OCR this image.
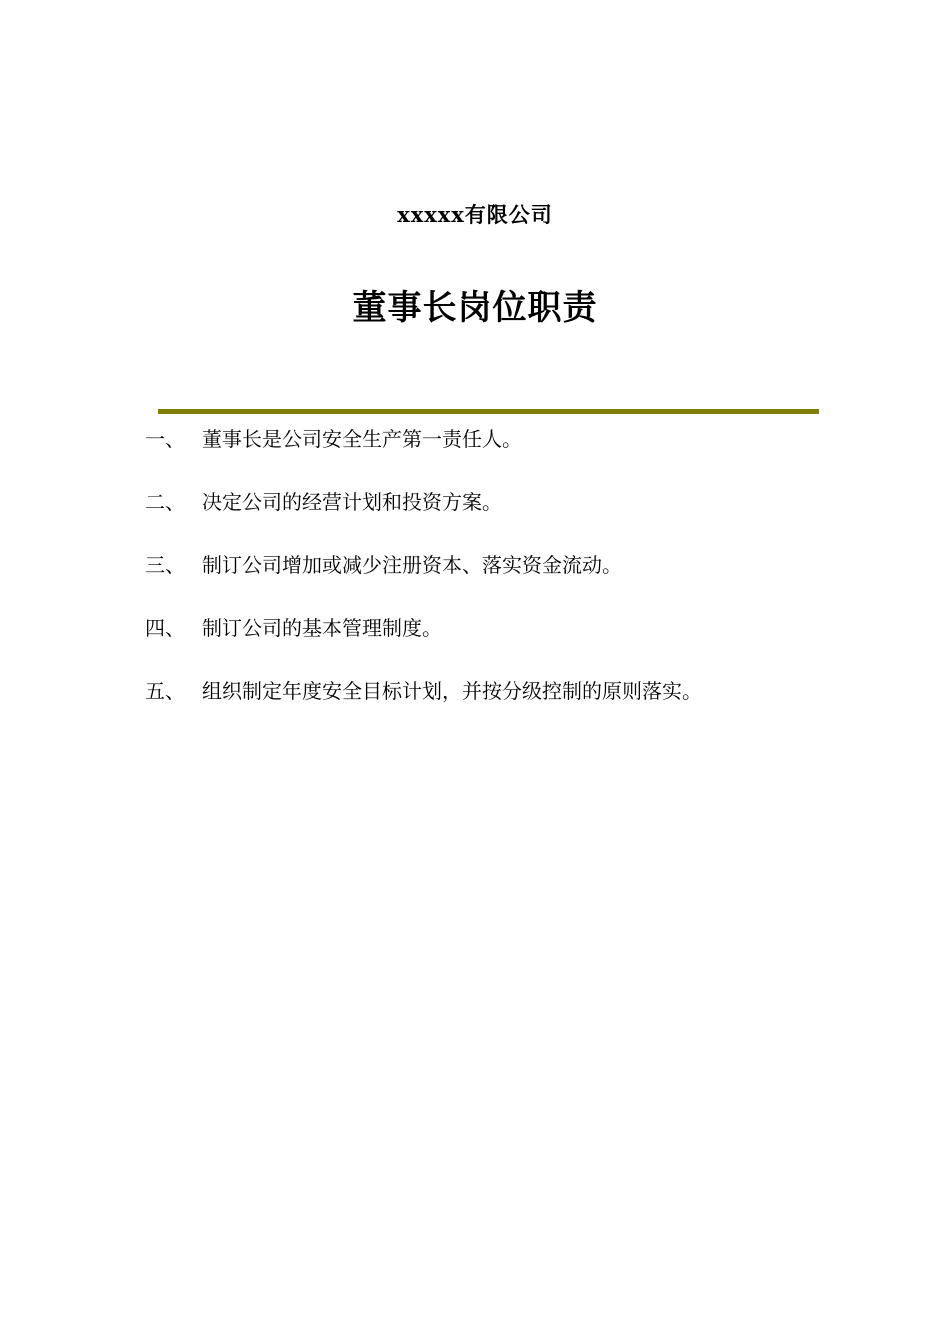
xxxxx有限公司
董事长岗位职责
一、 董事长是公司安全生产第一责任人。
二、 决定公司的经营计划和投资方案。
三、 制订公司增加或减少注册资本、落实资金流动。
四、 制订公司的基本管理制度。
五、 组织制定年度安全目标计划，并按分级控制的原则落实。
